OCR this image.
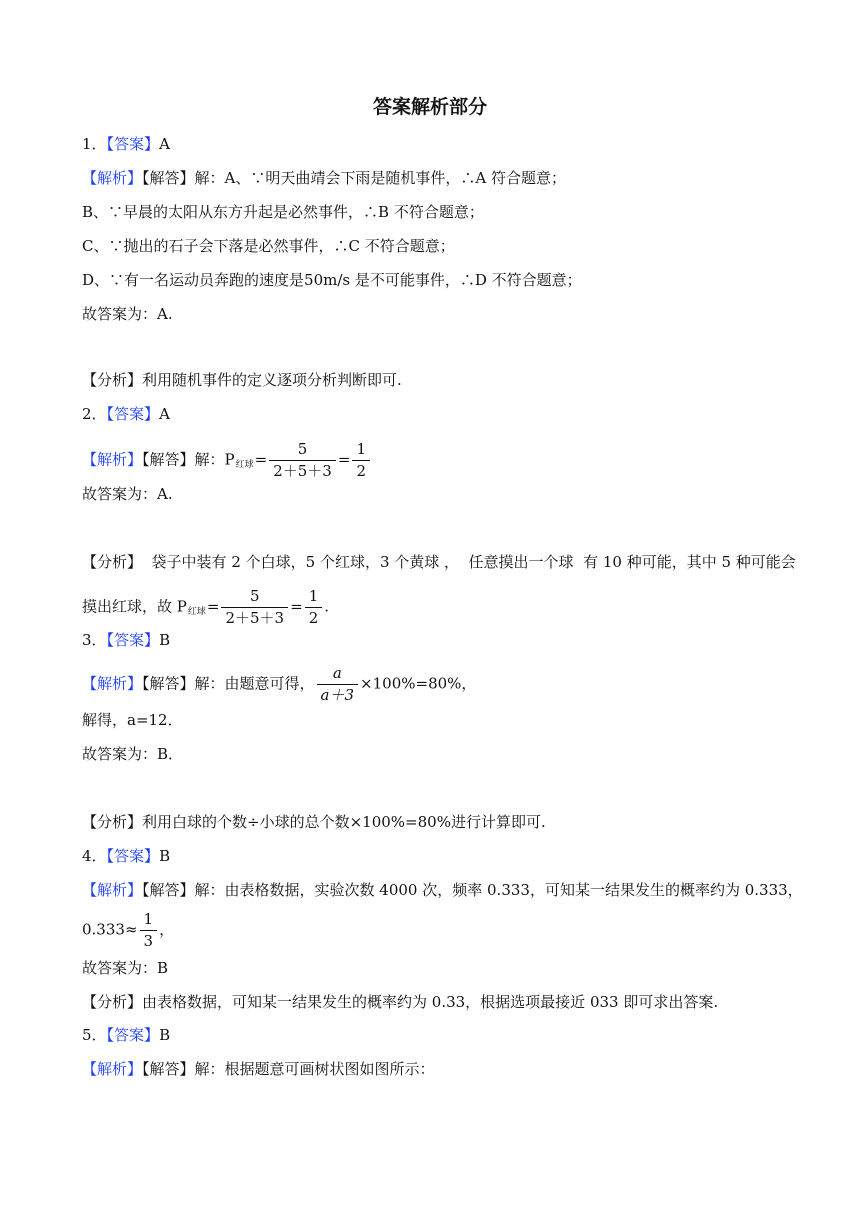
答案解析部分
1．【答案】A
【解析】【解答】解：A、∵明天曲靖会下雨是随机事件，∴A 符合题意；
B、∵早晨的太阳从东方升起是必然事件，∴B 不符合题意；
C、∵抛出的石子会下落是必然事件，∴C 不符合题意；
D、∵有一名运动员奔跑的速度是50m/s 是不可能事件，∴D 不符合题意；
故答案为：A.
【分析】利用随机事件的定义逐项分析判断即可.
2．【答案】A
【解析】【解答】解：$P_{红球}= \frac{5}{2+5+3} = \frac{1}{2}$
故答案为：A.
【分析】  袋子中装有 2 个白球，5 个红球，3 个黄球 ，  任意摸出一个球  有 10 种可能，其中 5 种可能会
摸出红球，故 $P_{红球}= \frac{5}{2+5+3} = \frac{1}{2}$ .
3．【答案】B
【解析】【解答】解：由题意可得， $\frac{a}{a+3} \times 100\%=80\%$，
解得，a=12．
故答案为：B．
【分析】利用白球的个数÷小球的总个数×100%=80%进行计算即可.
4．【答案】B
【解析】【解答】解：由表格数据，实验次数 4000 次，频率 0.333，可知某一结果发生的概率约为 0.333，
$0.333\approx \frac{1}{3}$ ，
故答案为：B
【分析】由表格数据，可知某一结果发生的概率约为 0.33，根据选项最接近 033 即可求出答案.
5．【答案】B
【解析】【解答】解：根据题意可画树状图如图所示：
